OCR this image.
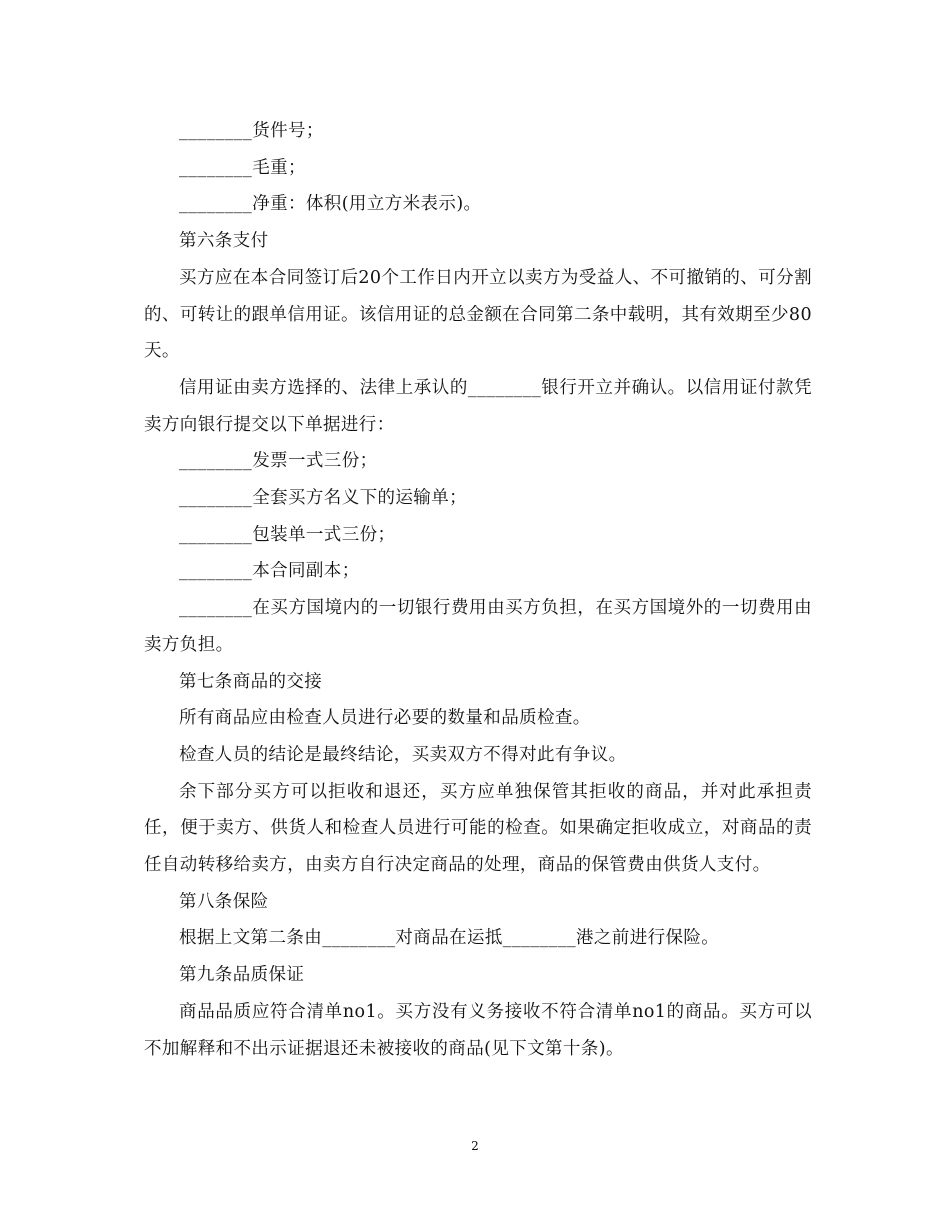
________货件号；

________毛重；

________净重：体积(用立方米表示)。

第六条支付

买方应在本合同签订后20个工作日内开立以卖方为受益人、不可撤销的、可分割的、可转让的跟单信用证。该信用证的总金额在合同第二条中载明，其有效期至少80天。

信用证由卖方选择的、法律上承认的________银行开立并确认。以信用证付款凭卖方向银行提交以下单据进行：

________发票一式三份；

________全套买方名义下的运输单；

________包装单一式三份；

________本合同副本；

________在买方国境内的一切银行费用由买方负担，在买方国境外的一切费用由卖方负担。

第七条商品的交接

所有商品应由检查人员进行必要的数量和品质检查。

检查人员的结论是最终结论，买卖双方不得对此有争议。

余下部分买方可以拒收和退还，买方应单独保管其拒收的商品，并对此承担责任，便于卖方、供货人和检查人员进行可能的检查。如果确定拒收成立，对商品的责任自动转移给卖方，由卖方自行决定商品的处理，商品的保管费由供货人支付。

第八条保险

根据上文第二条由________对商品在运抵________港之前进行保险。

第九条品质保证

商品品质应符合清单no1。买方没有义务接收不符合清单no1的商品。买方可以不加解释和不出示证据退还未被接收的商品(见下文第十条)。

2
